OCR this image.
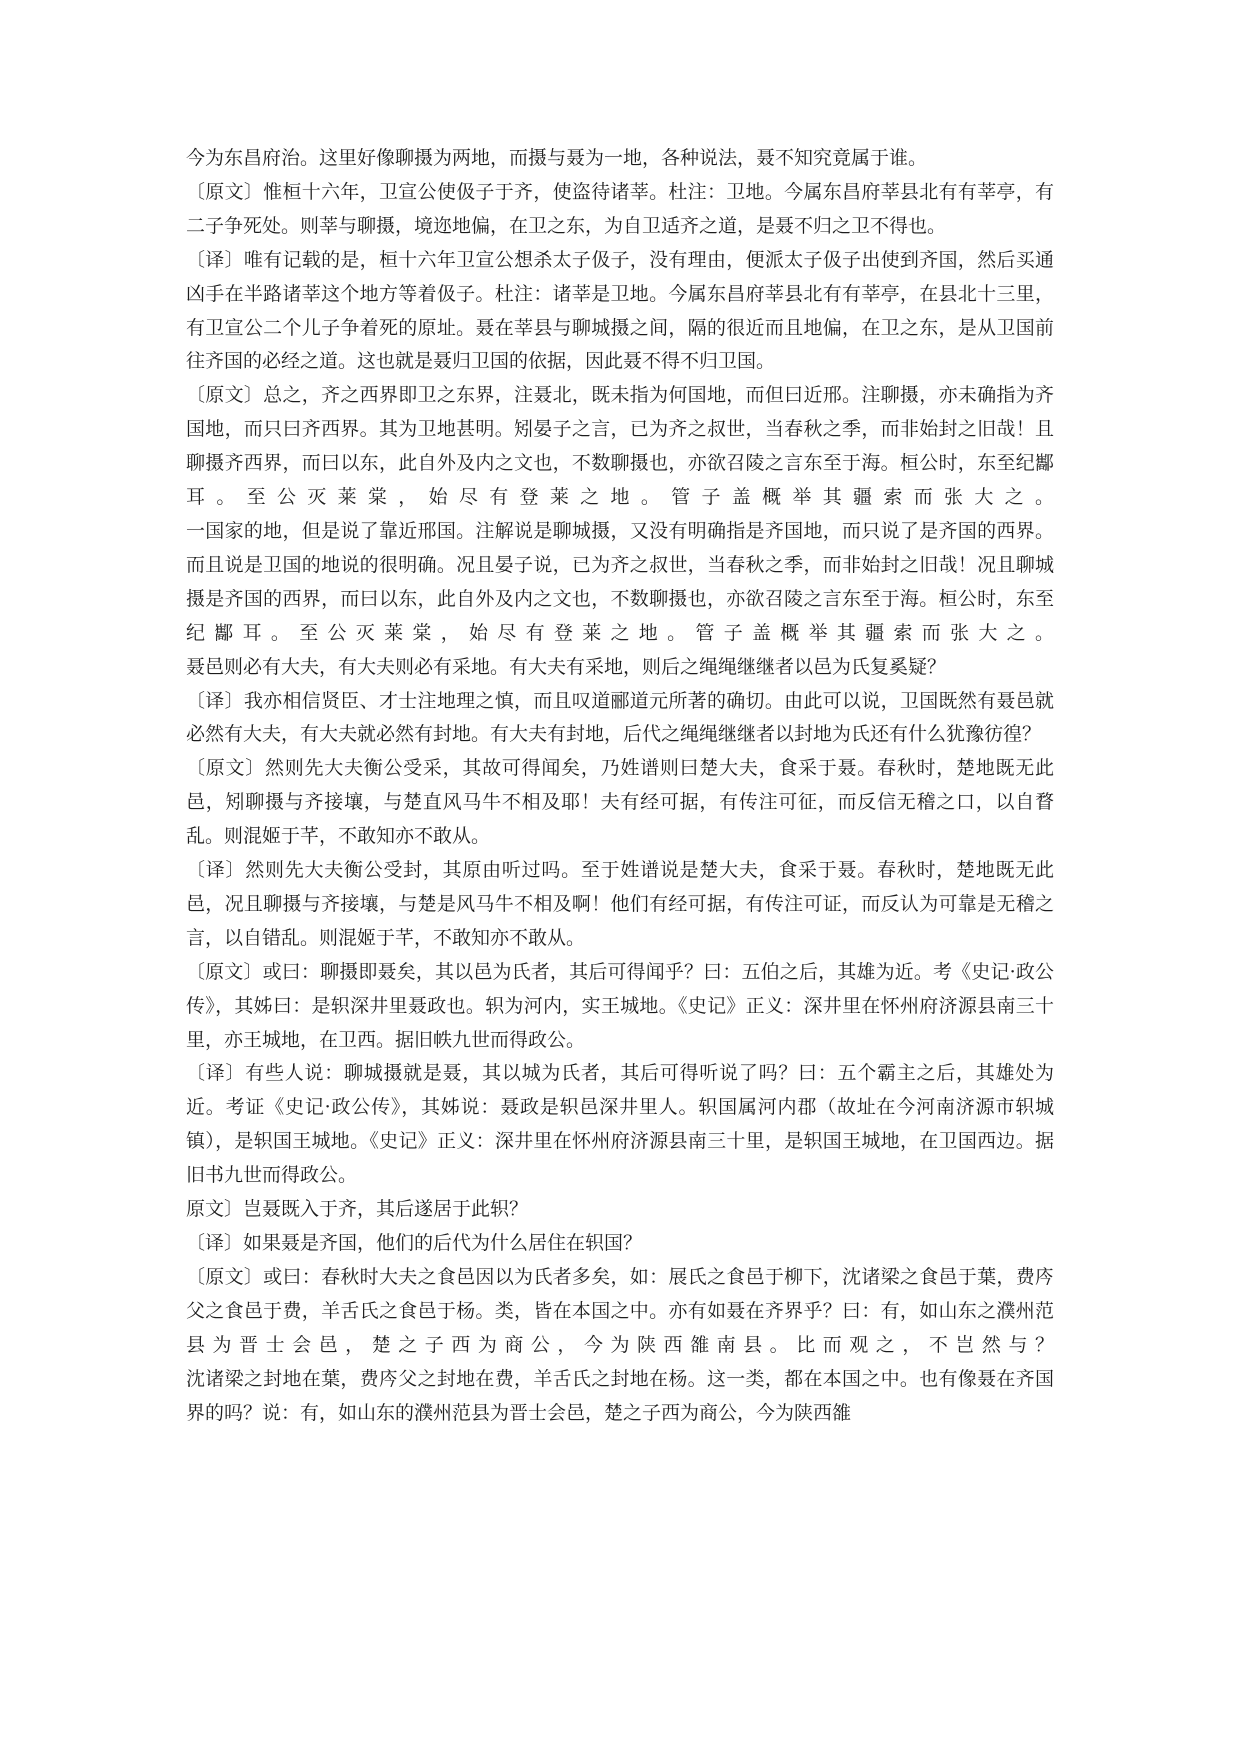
今为东昌府治。这里好像聊摄为两地，而摄与聂为一地，各种说法，聂不知究竟属于谁。

〔原文〕惟桓十六年，卫宣公使伋子于齐，使盗待诸莘。杜注：卫地。今属东昌府莘县北有有莘亭，有二子争死处。则莘与聊摄，境迩地偏，在卫之东，为自卫适齐之道，是聂不归之卫不得也。

〔译〕唯有记载的是，桓十六年卫宣公想杀太子伋子，没有理由，便派太子伋子出使到齐国，然后买通凶手在半路诸莘这个地方等着伋子。杜注：诸莘是卫地。今属东昌府莘县北有有莘亭，在县北十三里，有卫宣公二个儿子争着死的原址。聂在莘县与聊城摄之间，隔的很近而且地偏，在卫之东，是从卫国前往齐国的必经之道。这也就是聂归卫国的依据，因此聂不得不归卫国。

〔原文〕总之，齐之西界即卫之东界，注聂北，既未指为何国地，而但曰近邢。注聊摄，亦未确指为齐国地，而只曰齐西界。其为卫地甚明。矧晏子之言，已为齐之叔世，当春秋之季，而非始封之旧哉！且聊摄齐西界，而曰以东，此自外及内之文也，不数聊摄也，亦欲召陵之言东至于海。桓公时，东至纪酅耳。至公灭莱棠，始尽有登莱之地。管子盖概举其疆索而张大之。

一国家的地，但是说了靠近邢国。注解说是聊城摄，又没有明确指是齐国地，而只说了是齐国的西界。而且说是卫国的地说的很明确。况且晏子说，已为齐之叔世，当春秋之季，而非始封之旧哉！况且聊城摄是齐国的西界，而曰以东，此自外及内之文也，不数聊摄也，亦欲召陵之言东至于海。桓公时，东至纪酅耳。至公灭莱棠，始尽有登莱之地。管子盖概举其疆索而张大之。

聂邑则必有大夫，有大夫则必有采地。有大夫有采地，则后之绳绳继继者以邑为氏复奚疑？

〔译〕我亦相信贤臣、才士注地理之慎，而且叹道郦道元所著的确切。由此可以说，卫国既然有聂邑就必然有大夫，有大夫就必然有封地。有大夫有封地，后代之绳绳继继者以封地为氏还有什么犹豫彷徨？

〔原文〕然则先大夫衡公受采，其故可得闻矣，乃姓谱则曰楚大夫，食采于聂。春秋时，楚地既无此邑，矧聊摄与齐接壤，与楚直风马牛不相及耶！夫有经可据，有传注可征，而反信无稽之口，以自瞀乱。则混姬于芊，不敢知亦不敢从。

〔译〕然则先大夫衡公受封，其原由听过吗。至于姓谱说是楚大夫，食采于聂。春秋时，楚地既无此邑，况且聊摄与齐接壤，与楚是风马牛不相及啊！他们有经可据，有传注可证，而反认为可靠是无稽之言，以自错乱。则混姬于芊，不敢知亦不敢从。

〔原文〕或曰：聊摄即聂矣，其以邑为氏者，其后可得闻乎？曰：五伯之后，其雄为近。考《史记·政公传》，其姊曰：是轵深井里聂政也。轵为河内，实王城地。《史记》正义：深井里在怀州府济源县南三十里，亦王城地，在卫西。据旧帙九世而得政公。

〔译〕有些人说：聊城摄就是聂，其以城为氏者，其后可得听说了吗？曰：五个霸主之后，其雄处为近。考证《史记·政公传》，其姊说：聂政是轵邑深井里人。轵国属河内郡（故址在今河南济源市轵城镇），是轵国王城地。《史记》正义：深井里在怀州府济源县南三十里，是轵国王城地，在卫国西边。据旧书九世而得政公。

原文〕岂聂既入于齐，其后遂居于此轵？

〔译〕如果聂是齐国，他们的后代为什么居住在轵国？

〔原文〕或曰：春秋时大夫之食邑因以为氏者多矣，如：展氏之食邑于柳下，沈诸梁之食邑于葉，费庈父之食邑于费，羊舌氏之食邑于杨。类，皆在本国之中。亦有如聂在齐界乎？曰：有，如山东之濮州范县为晋士会邑，楚之子西为商公，今为陕西雒南县。比而观之，不岂然与？

沈诸梁之封地在葉，费庈父之封地在费，羊舌氏之封地在杨。这一类，都在本国之中。也有像聂在齐国界的吗？说：有，如山东的濮州范县为晋士会邑，楚之子西为商公，今为陕西雒
